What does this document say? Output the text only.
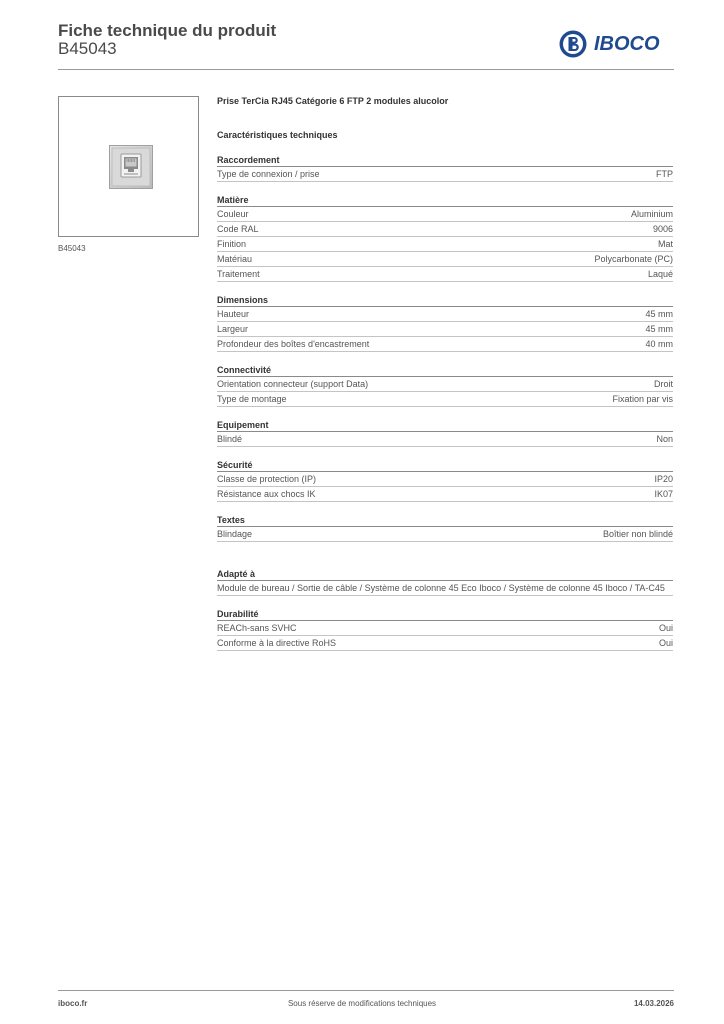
Fiche technique du produit
B45043	IBOCO
B45043
Prise TerCia RJ45 Catégorie 6 FTP 2 modules alucolor
Caractéristiques techniques
Raccordement
Type de connexion / prise	FTP
Matière
Couleur	Aluminium
Code RAL	9006
Finition	Mat
Matériau	Polycarbonate (PC)
Traitement	Laqué
Dimensions
Hauteur	45 mm
Largeur	45 mm
Profondeur des boîtes d'encastrement	40 mm
Connectivité
Orientation connecteur (support Data)	Droit
Type de montage	Fixation par vis
Equipement
Blindé	Non
Sécurité
Classe de protection (IP)	IP20
Résistance aux chocs IK	IK07
Textes
Blindage	Boîtier non blindé
Adapté à
Module de bureau / Sortie de câble / Système de colonne 45 Eco Iboco / Système de colonne 45 Iboco / TA-C45
Durabilité
REACh-sans SVHC	Oui
Conforme à la directive RoHS	Oui
iboco.fr	Sous réserve de modifications techniques	14.03.2026
